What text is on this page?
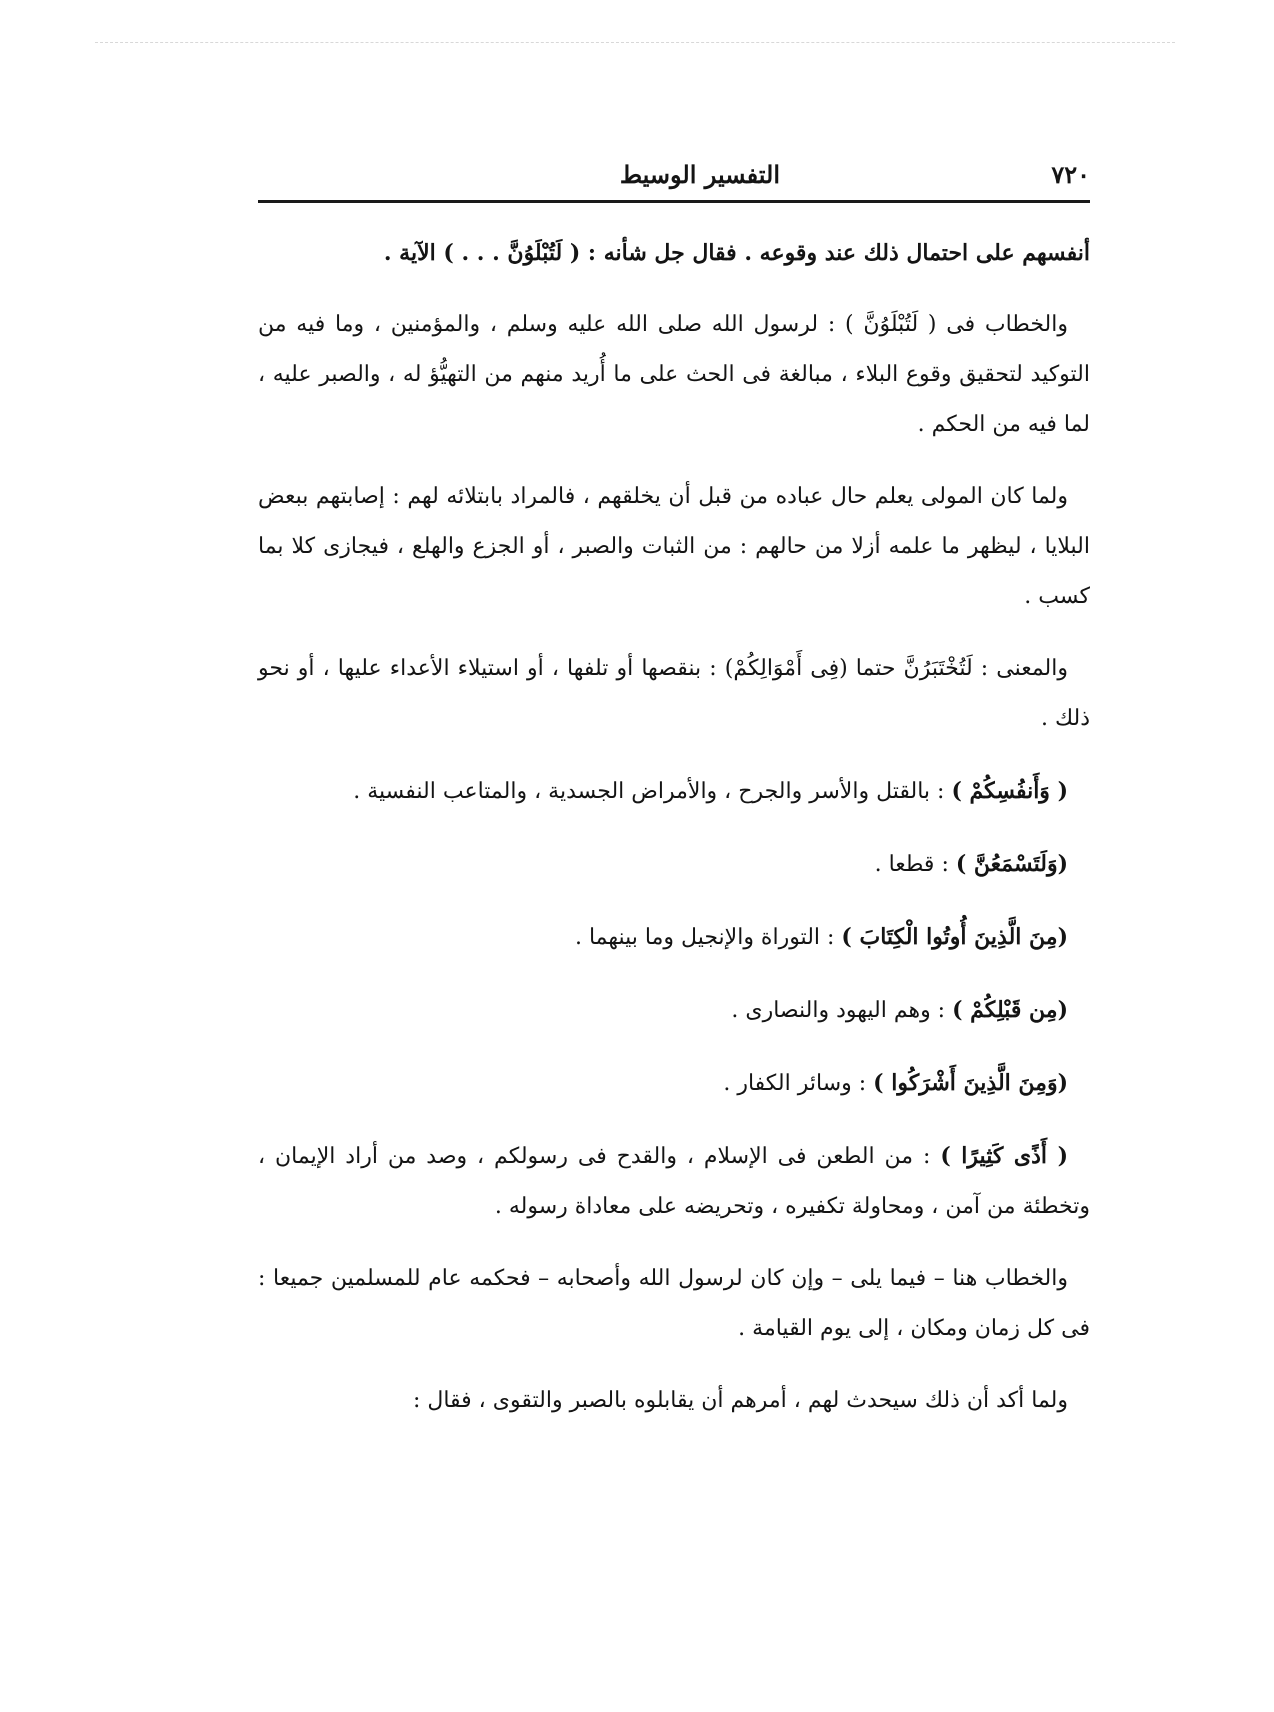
٧٢٠
التفسير الوسيط

أنفسهم على احتمال ذلك عند وقوعه . فقال جل شأنه : ( لَتُبْلَوُنَّ . . . ) الآية .

والخطاب فى ( لَتُبْلَوُنَّ ) : لرسول الله صلى الله عليه وسلم ، والمؤمنين ، وما فيه من التوكيد لتحقيق وقوع البلاء ، مبالغة فى الحث على ما أُريد منهم من التهيُّؤ له ، والصبر عليه ، لما فيه من الحكم .

ولما كان المولى يعلم حال عباده من قبل أن يخلقهم ، فالمراد بابتلائه لهم : إصابتهم ببعض البلايا ، ليظهر ما علمه أزلا من حالهم : من الثبات والصبر ، أو الجزع والهلع ، فيجازى كلا بما كسب .

والمعنى : لَتُخْتَبَرُنَّ حتما (فِى أَمْوَالِكُمْ) : بنقصها أو تلفها ، أو استيلاء الأعداء عليها ، أو نحو ذلك .

( وَأَنفُسِكُمْ ) : بالقتل والأسر والجرح ، والأمراض الجسدية ، والمتاعب النفسية .

(وَلَتَسْمَعُنَّ ) : قطعا .

(مِنَ الَّذِينَ أُوتُوا الْكِتَابَ ) : التوراة والإنجيل وما بينهما .

(مِن قَبْلِكُمْ ) : وهم اليهود والنصارى .

(وَمِنَ الَّذِينَ أَشْرَكُوا ) : وسائر الكفار .

( أَذًى كَثِيرًا ) : من الطعن فى الإسلام ، والقدح فى رسولكم ، وصد من أراد الإيمان ، وتخطئة من آمن ، ومحاولة تكفيره ، وتحريضه على معاداة رسوله .

والخطاب هنا – فيما يلى – وإن كان لرسول الله وأصحابه – فحكمه عام للمسلمين جميعا : فى كل زمان ومكان ، إلى يوم القيامة .

ولما أكد أن ذلك سيحدث لهم ، أمرهم أن يقابلوه بالصبر والتقوى ، فقال :
